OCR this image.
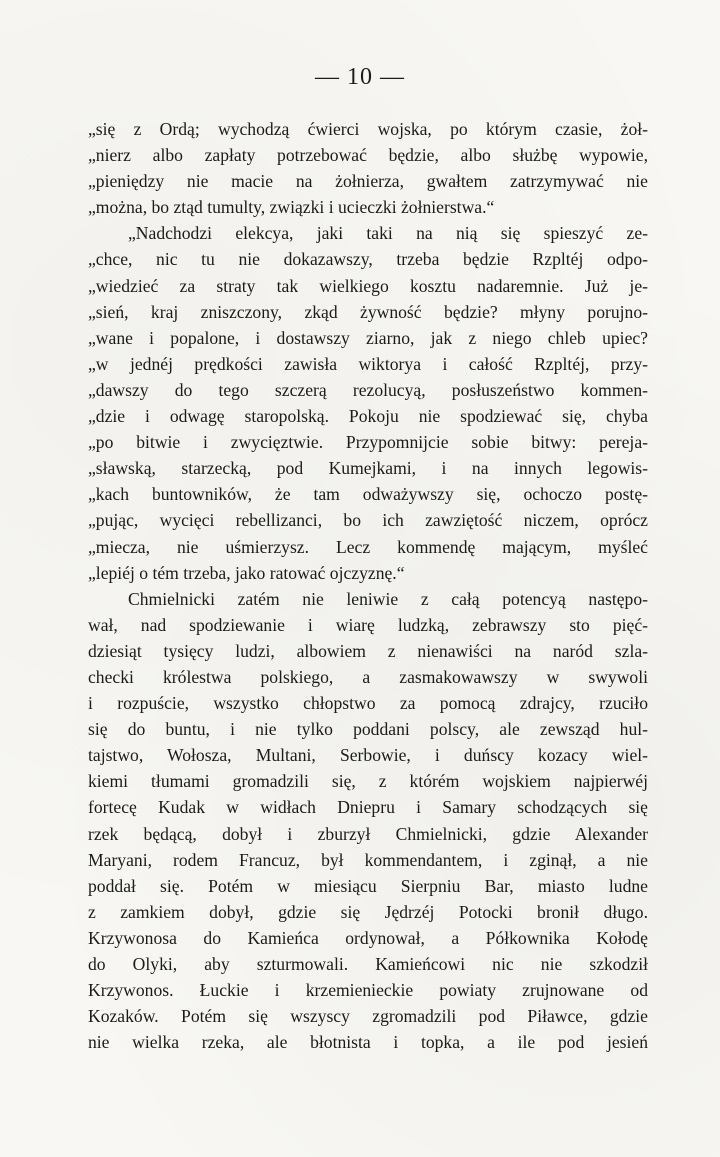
— 10 —
„się z Ordą; wychodzą ćwierci wojska, po którym czasie, żoł-
„nierz albo zapłaty potrzebować będzie, albo służbę wypowie,
„pieniędzy nie macie na żołnierza, gwałtem zatrzymywać nie
„można, bo ztąd tumulty, związki i ucieczki żołnierstwa.“
„Nadchodzi elekcya, jaki taki na nią się spieszyć ze-
„chce, nic tu nie dokazawszy, trzeba będzie Rzpltéj odpo-
„wiedzieć za straty tak wielkiego kosztu nadaremnie. Już je-
„sień, kraj zniszczony, zkąd żywność będzie? młyny porujno-
„wane i popalone, i dostawszy ziarno, jak z niego chleb upiec?
„w jednéj prędkości zawisła wiktorya i całość Rzpltéj, przy-
„dawszy do tego szczerą rezolucyą, posłuszeństwo kommen-
„dzie i odwagę staropolską. Pokoju nie spodziewać się, chyba
„po bitwie i zwycięztwie. Przypomnijcie sobie bitwy: pereja-
„sławską, starzecką, pod Kumejkami, i na innych legowis-
„kach buntowników, że tam odważywszy się, ochoczo postę-
„pując, wycięci rebellizanci, bo ich zawziętość niczem, oprócz
„miecza, nie uśmierzysz. Lecz kommendę mającym, myśleć
„lepiéj o tém trzeba, jako ratować ojczyznę.“
Chmielnicki zatém nie leniwie z całą potencyą następo-
wał, nad spodziewanie i wiarę ludzką, zebrawszy sto pięć-
dziesiąt tysięcy ludzi, albowiem z nienawiści na naród szla-
checki królestwa polskiego, a zasmakowawszy w swywoli
i rozpuście, wszystko chłopstwo za pomocą zdrajcy, rzuciło
się do buntu, i nie tylko poddani polscy, ale zewsząd hul-
tajstwo, Wołosza, Multani, Serbowie, i duńscy kozacy wiel-
kiemi tłumami gromadzili się, z którém wojskiem najpierwéj
fortecę Kudak w widłach Dniepru i Samary schodzących się
rzek będącą, dobył i zburzył Chmielnicki, gdzie Alexander
Maryani, rodem Francuz, był kommendantem, i zginął, a nie
poddał się. Potém w miesiącu Sierpniu Bar, miasto ludne
z zamkiem dobył, gdzie się Jędrzéj Potocki bronił długo.
Krzywonosa do Kamieńca ordynował, a Półkownika Kołodę
do Olyki, aby szturmowali. Kamieńcowi nic nie szkodził
Krzywonos. Łuckie i krzemienieckie powiaty zrujnowane od
Kozaków. Potém się wszyscy zgromadzili pod Piławce, gdzie
nie wielka rzeka, ale błotnista i topka, a ile pod jesień
